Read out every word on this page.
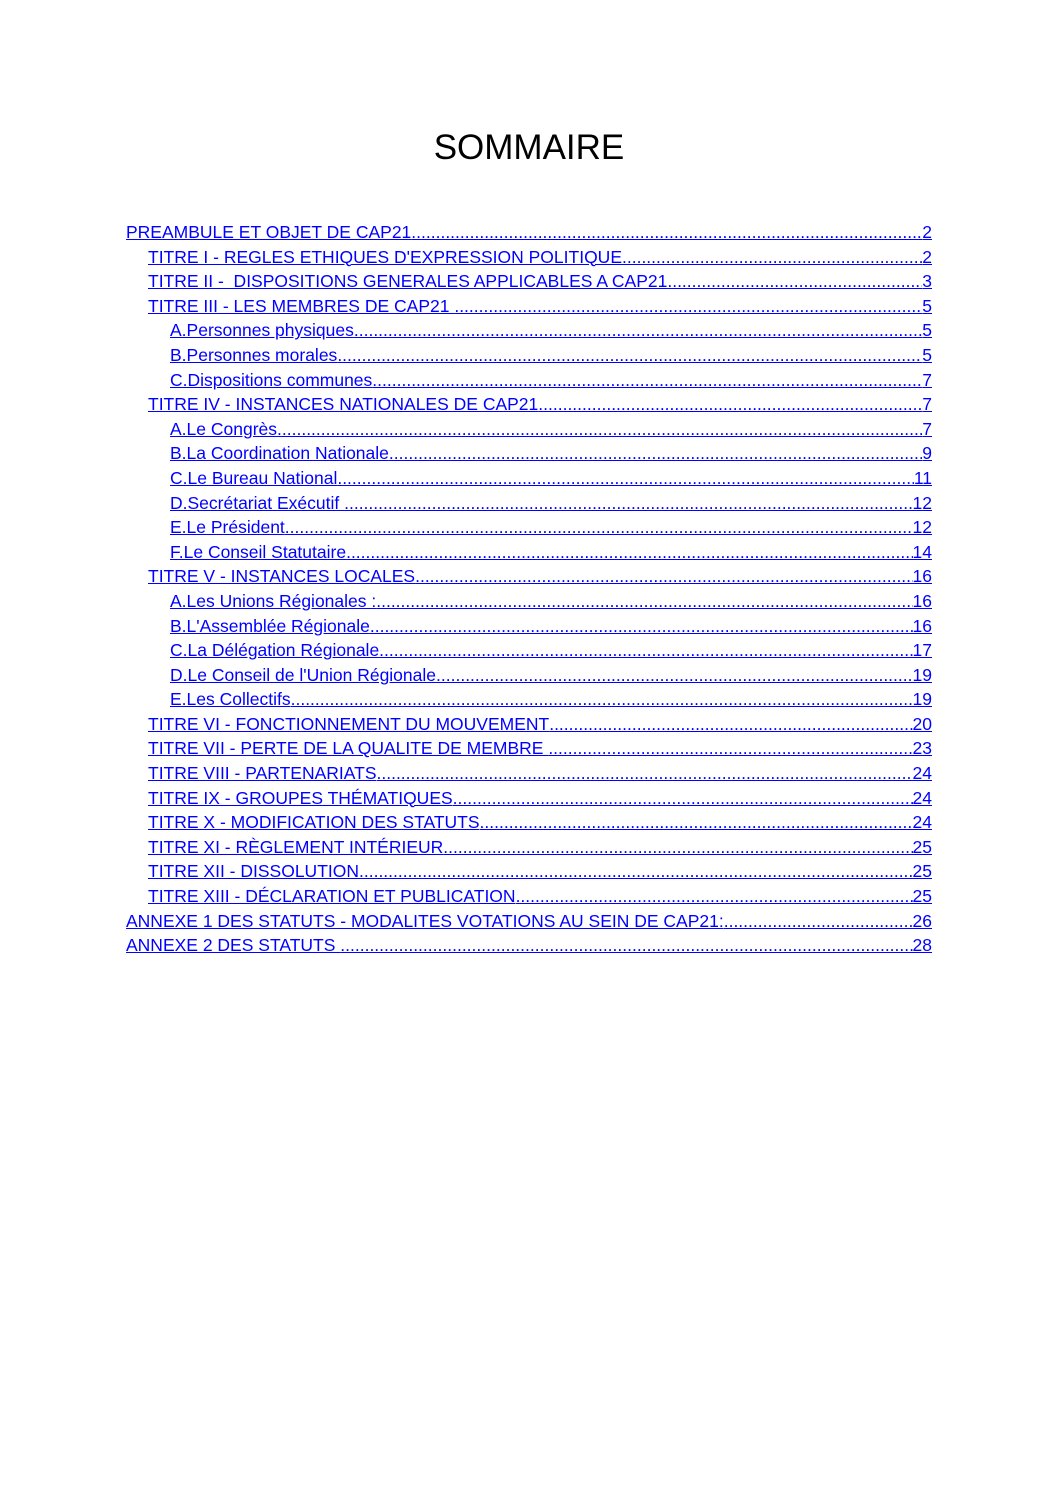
SOMMAIRE
PREAMBULE ET OBJET DE CAP21 .....	2
TITRE I - REGLES ETHIQUES D'EXPRESSION POLITIQUE .....	2
TITRE II -  DISPOSITIONS GENERALES APPLICABLES A CAP21 .....	3
TITRE III - LES MEMBRES DE CAP21 .....	5
A.Personnes physiques .....	5
B.Personnes morales .....	5
C.Dispositions communes .....	7
TITRE IV - INSTANCES NATIONALES DE CAP21 .....	7
A.Le Congrès .....	7
B.La Coordination Nationale .....	9
C.Le Bureau National .....	11
D.Secrétariat Exécutif .....	12
E.Le Président .....	12
F.Le Conseil Statutaire .....	14
TITRE V - INSTANCES LOCALES .....	16
A.Les Unions Régionales : .....	16
B.L'Assemblée Régionale .....	16
C.La Délégation Régionale .....	17
D.Le Conseil de l'Union Régionale .....	19
E.Les Collectifs .....	19
TITRE VI - FONCTIONNEMENT DU MOUVEMENT .....	20
TITRE VII - PERTE DE LA QUALITE DE MEMBRE .....	23
TITRE VIII - PARTENARIATS .....	24
TITRE IX - GROUPES THÉMATIQUES .....	24
TITRE X - MODIFICATION DES STATUTS .....	24
TITRE XI - RÈGLEMENT INTÉRIEUR .....	25
TITRE XII - DISSOLUTION .....	25
TITRE XIII - DÉCLARATION ET PUBLICATION .....	25
ANNEXE 1 DES STATUTS - MODALITES VOTATIONS AU SEIN DE CAP21: .....	26
ANNEXE 2 DES STATUTS .....	28
